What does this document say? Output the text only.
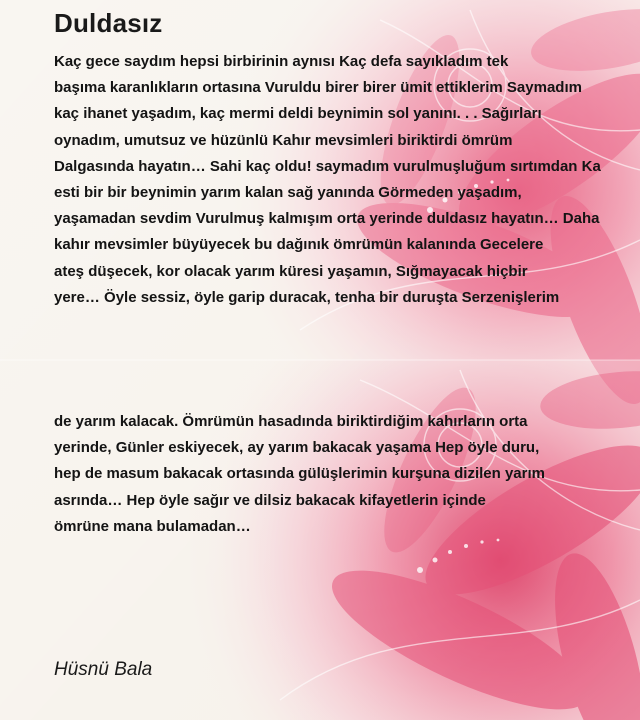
Duldasız
Kaç gece saydım hepsi birbirinin aynısı Kaç defa sayıkladım tek
başıma karanlıkların ortasına Vuruldu birer birer ümit ettiklerim Saymadım
kaç ihanet yaşadım, kaç mermi deldi beynimin sol yanını. . . Sağırları
oynadım, umutsuz ve hüzünlü Kahır mevsimleri biriktirdi ömrüm
Dalgasında hayatın… Sahi kaç oldu! saymadım vurulmuşluğum sırtımdan Ka
esti bir bir beynimin yarım kalan sağ yanında Görmeden yaşadım,
yaşamadan sevdim Vurulmuş kalmışım orta yerinde duldasız hayatın… Daha
kahır mevsimler büyüyecek bu dağınık ömrümün kalanında Gecelere
ateş düşecek, kor olacak yarım küresi yaşamın, Sığmayacak hiçbir
yere… Öyle sessiz, öyle garip duracak, tenha bir duruşta Serzenişlerim
de yarım kalacak. Ömrümün hasadında biriktirdiğim kahırların orta
yerinde, Günler eskiyecek, ay yarım bakacak yaşama Hep öyle duru,
hep de masum bakacak ortasında gülüşlerimin kurşuna dizilen yarım
asrında… Hep öyle sağır ve dilsiz bakacak kifayetlerin içinde
ömrüne mana bulamadan…
Hüsnü Bala
